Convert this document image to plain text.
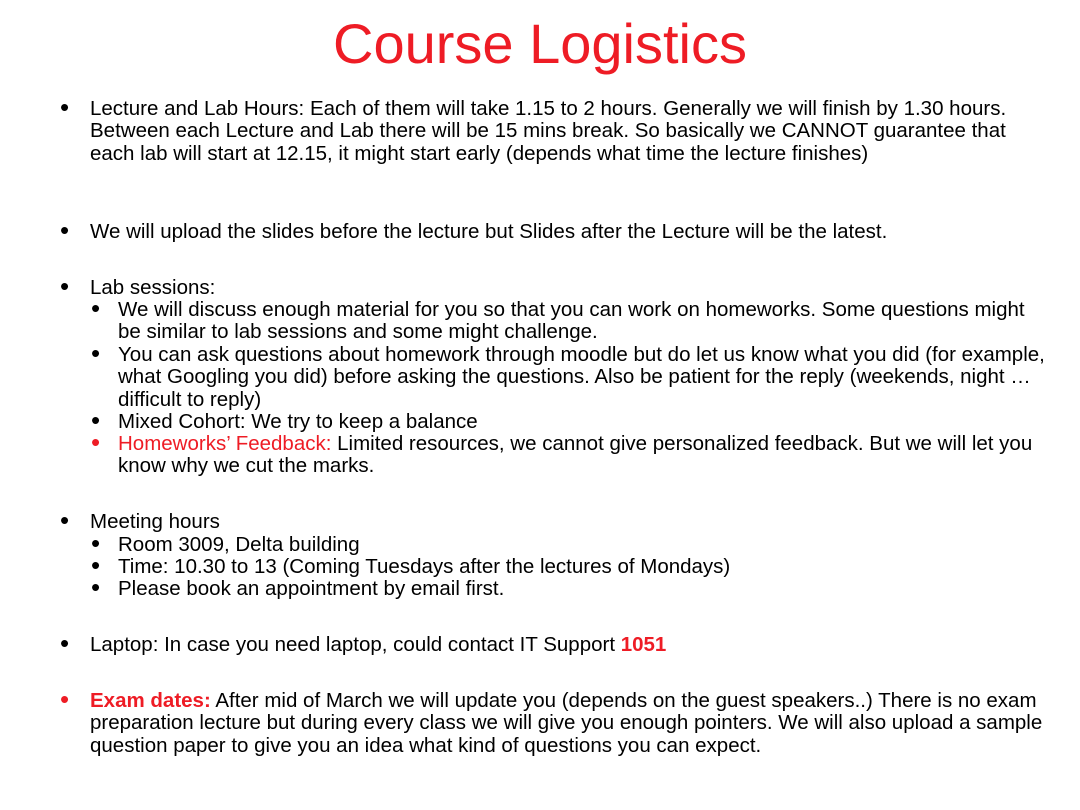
Course Logistics
• Lecture and Lab Hours: Each of them will take 1.15 to 2 hours. Generally we will finish by 1.30 hours. Between each Lecture and Lab there will be 15 mins break. So basically we CANNOT guarantee that each lab will start at 12.15, it might start early (depends what time the lecture finishes)
• We will upload the slides before the lecture but Slides after the Lecture will be the latest.
• Lab sessions:
• We will discuss enough material for you so that you can work on homeworks. Some questions might be similar to lab sessions and some might challenge.
• You can ask questions about homework through moodle but do let us know what you did (for example, what Googling you did) before asking the questions. Also be patient for the reply (weekends, night … difficult to reply)
• Mixed Cohort: We try to keep a balance
• Homeworks’ Feedback: Limited resources, we cannot give personalized feedback. But we will let you know why we cut the marks.
• Meeting hours
• Room 3009, Delta building
• Time: 10.30 to 13 (Coming Tuesdays after the lectures of Mondays)
• Please book an appointment by email first.
• Laptop: In case you need laptop, could contact IT Support 1051
• Exam dates: After mid of March we will update you (depends on the guest speakers..) There is no exam preparation lecture but during every class we will give you enough pointers. We will also upload a sample question paper to give you an idea what kind of questions you can expect.
